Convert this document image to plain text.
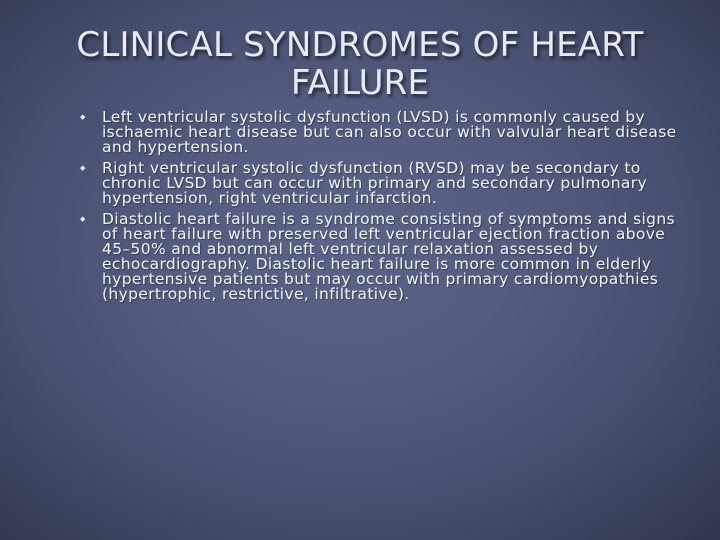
CLINICAL SYNDROMES OF HEART FAILURE
◆ Left ventricular systolic dysfunction (LVSD) is commonly caused by ischaemic heart disease but can also occur with valvular heart disease and hypertension.
◆ Right ventricular systolic dysfunction (RVSD) may be secondary to chronic LVSD but can occur with primary and secondary pulmonary hypertension, right ventricular infarction.
◆ Diastolic heart failure is a syndrome consisting of symptoms and signs of heart failure with preserved left ventricular ejection fraction above 45–50% and abnormal left ventricular relaxation assessed by echocardiography. Diastolic heart failure is more common in elderly hypertensive patients but may occur with primary cardiomyopathies (hypertrophic, restrictive, infiltrative).
